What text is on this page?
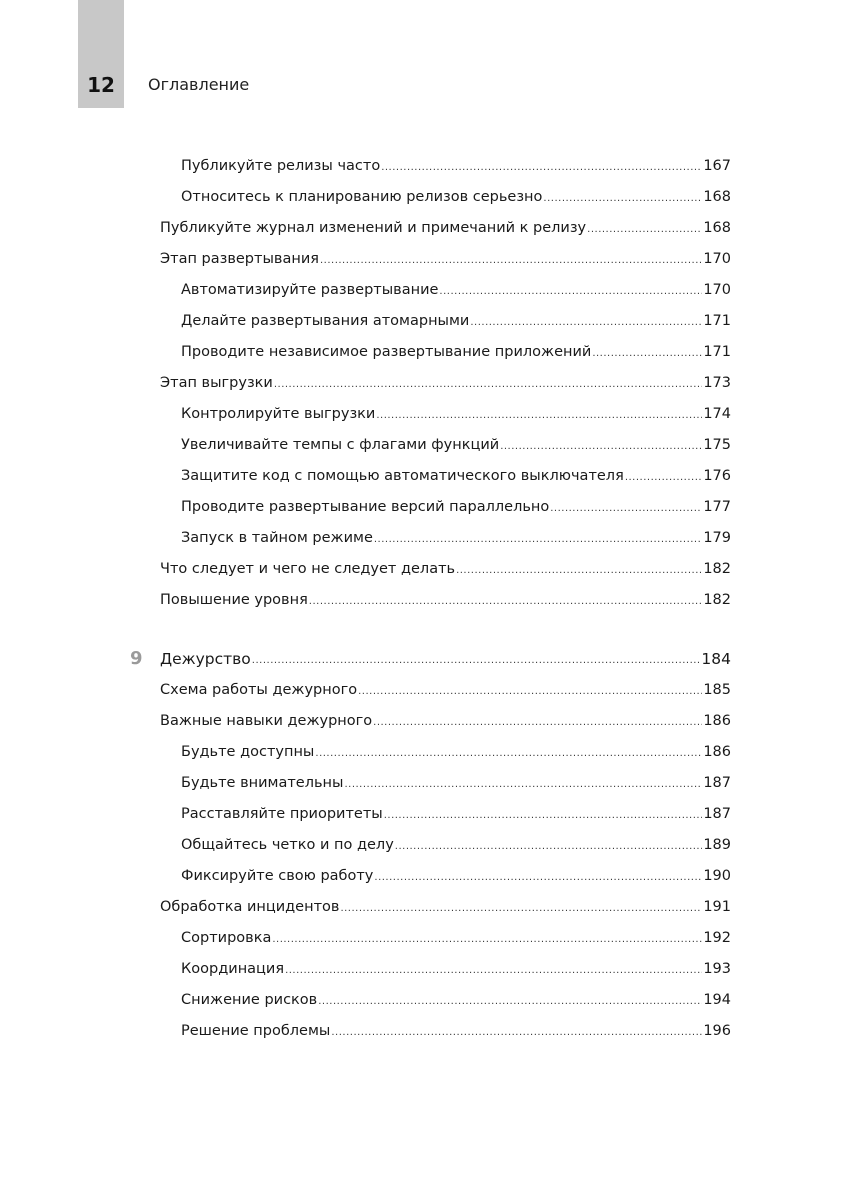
12	Оглавление
Публикуйте релизы часто .....	167
Относитесь к планированию релизов серьезно .....	168
Публикуйте журнал изменений и примечаний к релизу .....	168
Этап развертывания .....	170
Автоматизируйте развертывание .....	170
Делайте развертывания атомарными .....	171
Проводите независимое развертывание приложений .....	171
Этап выгрузки .....	173
Контролируйте выгрузки .....	174
Увеличивайте темпы с флагами функций .....	175
Защитите код с помощью автоматического выключателя .....	176
Проводите развертывание версий параллельно .....	177
Запуск в тайном режиме .....	179
Что следует и чего не следует делать .....	182
Повышение уровня .....	182
9 Дежурство .....	184
Схема работы дежурного .....	185
Важные навыки дежурного .....	186
Будьте доступны .....	186
Будьте внимательны .....	187
Расставляйте приоритеты .....	187
Общайтесь четко и по делу .....	189
Фиксируйте свою работу .....	190
Обработка инцидентов .....	191
Сортировка .....	192
Координация .....	193
Снижение рисков .....	194
Решение проблемы .....	196
